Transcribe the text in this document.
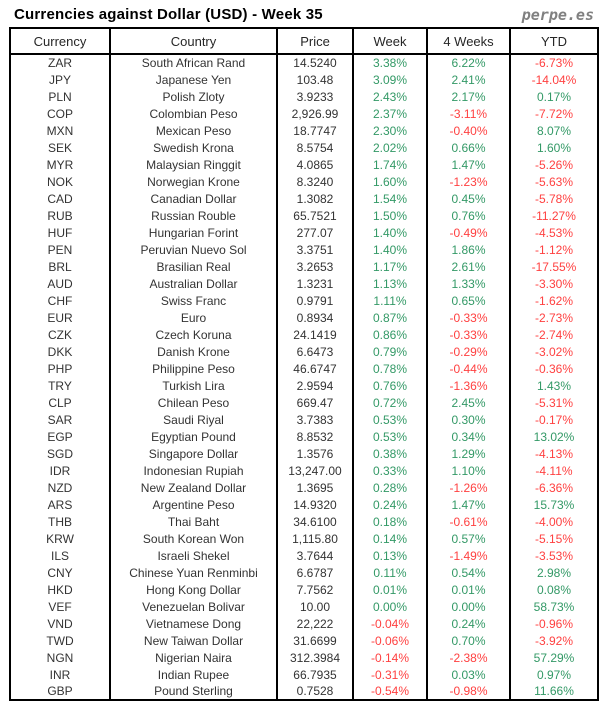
Currencies against Dollar (USD) - Week 35	perpe.es
Currency	Country	Price	Week	4 Weeks	YTD
ZAR	South African Rand	14.5240	3.38%	6.22%	-6.73%
JPY	Japanese Yen	103.48	3.09%	2.41%	-14.04%
PLN	Polish Zloty	3.9233	2.43%	2.17%	0.17%
COP	Colombian Peso	2,926.99	2.37%	-3.11%	-7.72%
MXN	Mexican Peso	18.7747	2.30%	-0.40%	8.07%
SEK	Swedish Krona	8.5754	2.02%	0.66%	1.60%
MYR	Malaysian Ringgit	4.0865	1.74%	1.47%	-5.26%
NOK	Norwegian Krone	8.3240	1.60%	-1.23%	-5.63%
CAD	Canadian Dollar	1.3082	1.54%	0.45%	-5.78%
RUB	Russian Rouble	65.7521	1.50%	0.76%	-11.27%
HUF	Hungarian Forint	277.07	1.40%	-0.49%	-4.53%
PEN	Peruvian Nuevo Sol	3.3751	1.40%	1.86%	-1.12%
BRL	Brasilian Real	3.2653	1.17%	2.61%	-17.55%
AUD	Australian Dollar	1.3231	1.13%	1.33%	-3.30%
CHF	Swiss Franc	0.9791	1.11%	0.65%	-1.62%
EUR	Euro	0.8934	0.87%	-0.33%	-2.73%
CZK	Czech Koruna	24.1419	0.86%	-0.33%	-2.74%
DKK	Danish Krone	6.6473	0.79%	-0.29%	-3.02%
PHP	Philippine Peso	46.6747	0.78%	-0.44%	-0.36%
TRY	Turkish Lira	2.9594	0.76%	-1.36%	1.43%
CLP	Chilean Peso	669.47	0.72%	2.45%	-5.31%
SAR	Saudi Riyal	3.7383	0.53%	0.30%	-0.17%
EGP	Egyptian Pound	8.8532	0.53%	0.34%	13.02%
SGD	Singapore Dollar	1.3576	0.38%	1.29%	-4.13%
IDR	Indonesian Rupiah	13,247.00	0.33%	1.10%	-4.11%
NZD	New Zealand Dollar	1.3695	0.28%	-1.26%	-6.36%
ARS	Argentine Peso	14.9320	0.24%	1.47%	15.73%
THB	Thai Baht	34.6100	0.18%	-0.61%	-4.00%
KRW	South Korean Won	1,115.80	0.14%	0.57%	-5.15%
ILS	Israeli Shekel	3.7644	0.13%	-1.49%	-3.53%
CNY	Chinese Yuan Renminbi	6.6787	0.11%	0.54%	2.98%
HKD	Hong Kong Dollar	7.7562	0.01%	0.01%	0.08%
VEF	Venezuelan Bolivar	10.00	0.00%	0.00%	58.73%
VND	Vietnamese Dong	22,222	-0.04%	0.24%	-0.96%
TWD	New Taiwan Dollar	31.6699	-0.06%	0.70%	-3.92%
NGN	Nigerian Naira	312.3984	-0.14%	-2.38%	57.29%
INR	Indian Rupee	66.7935	-0.31%	0.03%	0.97%
GBP	Pound Sterling	0.7528	-0.54%	-0.98%	11.66%
